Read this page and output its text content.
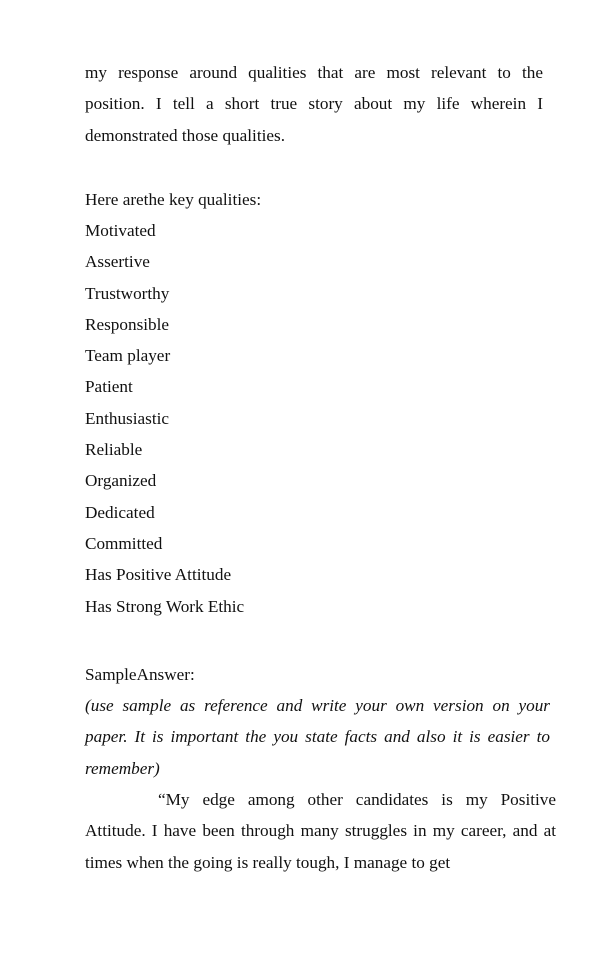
my response around qualities that are most relevant to the position. I tell a short true story about my life wherein I demonstrated those qualities.

Here arethe key qualities:

Motivated
Assertive
Trustworthy
Responsible
Team player
Patient
Enthusiastic
Reliable
Organized
Dedicated
Committed
Has Positive Attitude
Has Strong Work Ethic

SampleAnswer:

(use sample as reference and write your own version on your paper. It is important the you state facts and also it is easier to remember)

“My edge among other candidates is my Positive Attitude. I have been through many struggles in my career, and at times when the going is really tough, I manage to get
